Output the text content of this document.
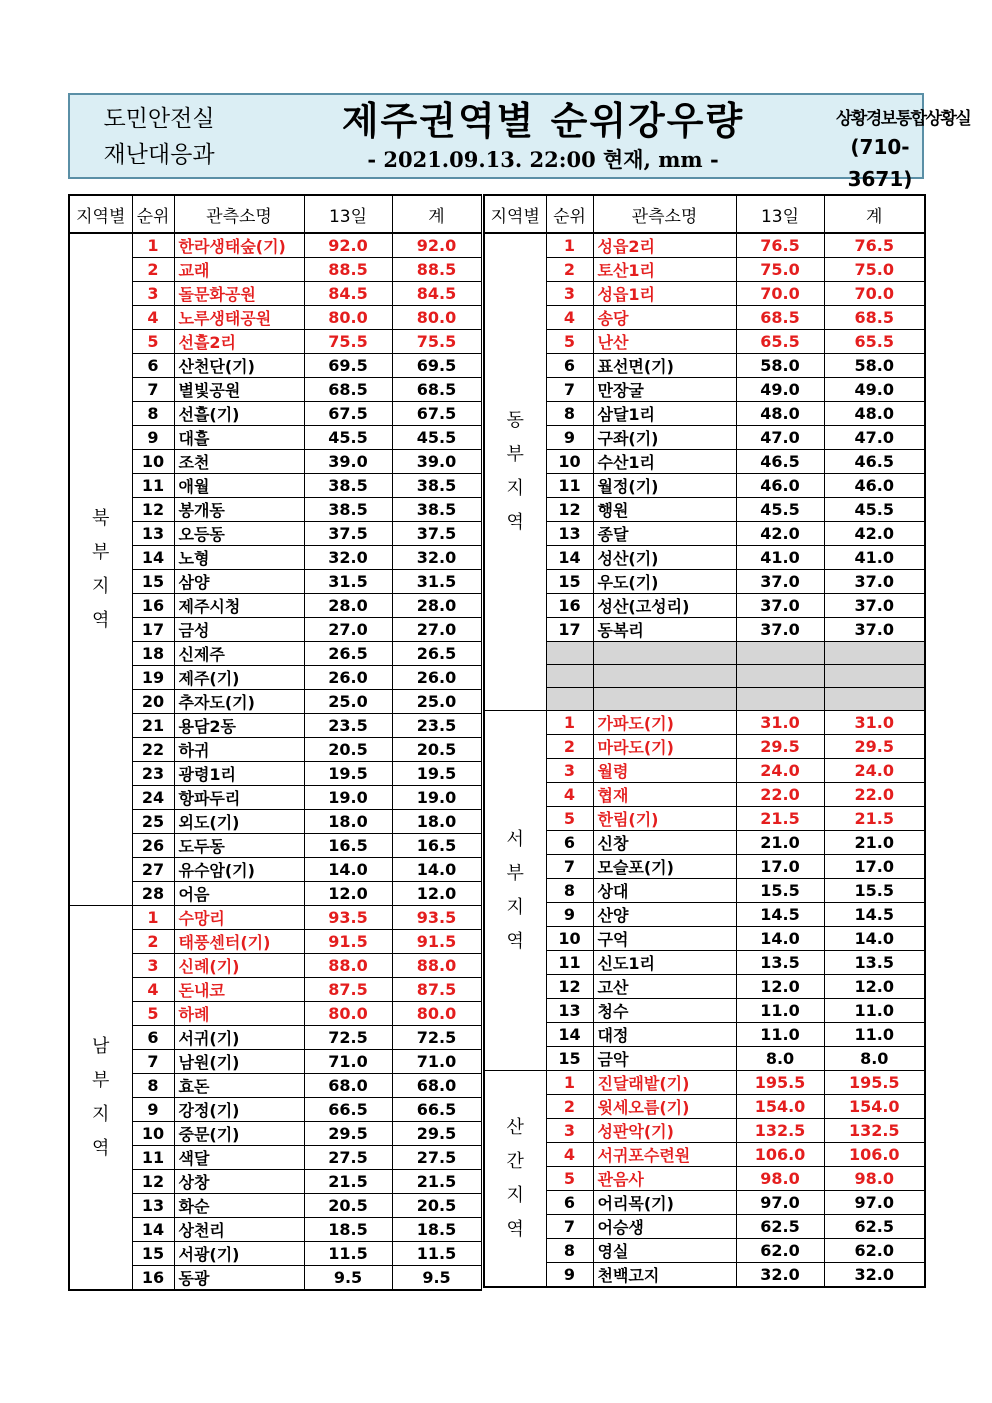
도민안전실
재난대응과
제주권역별 순위강우량
- 2021.09.13. 22:00 현재, mm -
상황경보통합상황실
(710-3671)
지역별	순위	관측소명	13일	계
북부지역	1	한라생태숲(기)	92.0	92.0
	2	교래	88.5	88.5
	3	돌문화공원	84.5	84.5
	4	노루생태공원	80.0	80.0
	5	선흘2리	75.5	75.5
	6	산천단(기)	69.5	69.5
	7	별빛공원	68.5	68.5
	8	선흘(기)	67.5	67.5
	9	대흘	45.5	45.5
	10	조천	39.0	39.0
	11	애월	38.5	38.5
	12	봉개동	38.5	38.5
	13	오등동	37.5	37.5
	14	노형	32.0	32.0
	15	삼양	31.5	31.5
	16	제주시청	28.0	28.0
	17	금성	27.0	27.0
	18	신제주	26.5	26.5
	19	제주(기)	26.0	26.0
	20	추자도(기)	25.0	25.0
	21	용담2동	23.5	23.5
	22	하귀	20.5	20.5
	23	광령1리	19.5	19.5
	24	항파두리	19.0	19.0
	25	외도(기)	18.0	18.0
	26	도두동	16.5	16.5
	27	유수암(기)	14.0	14.0
	28	어음	12.0	12.0
남부지역	1	수망리	93.5	93.5
	2	태풍센터(기)	91.5	91.5
	3	신례(기)	88.0	88.0
	4	돈내코	87.5	87.5
	5	하례	80.0	80.0
	6	서귀(기)	72.5	72.5
	7	남원(기)	71.0	71.0
	8	효돈	68.0	68.0
	9	강정(기)	66.5	66.5
	10	중문(기)	29.5	29.5
	11	색달	27.5	27.5
	12	상창	21.5	21.5
	13	화순	20.5	20.5
	14	상천리	18.5	18.5
	15	서광(기)	11.5	11.5
	16	동광	9.5	9.5
지역별	순위	관측소명	13일	계
동부지역	1	성읍2리	76.5	76.5
	2	토산1리	75.0	75.0
	3	성읍1리	70.0	70.0
	4	송당	68.5	68.5
	5	난산	65.5	65.5
	6	표선면(기)	58.0	58.0
	7	만장굴	49.0	49.0
	8	삼달1리	48.0	48.0
	9	구좌(기)	47.0	47.0
	10	수산1리	46.5	46.5
	11	월정(기)	46.0	46.0
	12	행원	45.5	45.5
	13	종달	42.0	42.0
	14	성산(기)	41.0	41.0
	15	우도(기)	37.0	37.0
	16	성산(고성리)	37.0	37.0
	17	동복리	37.0	37.0

서부지역	1	가파도(기)	31.0	31.0
	2	마라도(기)	29.5	29.5
	3	월령	24.0	24.0
	4	협재	22.0	22.0
	5	한림(기)	21.5	21.5
	6	신창	21.0	21.0
	7	모슬포(기)	17.0	17.0
	8	상대	15.5	15.5
	9	산양	14.5	14.5
	10	구억	14.0	14.0
	11	신도1리	13.5	13.5
	12	고산	12.0	12.0
	13	청수	11.0	11.0
	14	대정	11.0	11.0
	15	금악	8.0	8.0
산간지역	1	진달래밭(기)	195.5	195.5
	2	윗세오름(기)	154.0	154.0
	3	성판악(기)	132.5	132.5
	4	서귀포수련원	106.0	106.0
	5	관음사	98.0	98.0
	6	어리목(기)	97.0	97.0
	7	어승생	62.5	62.5
	8	영실	62.0	62.0
	9	천백고지	32.0	32.0
